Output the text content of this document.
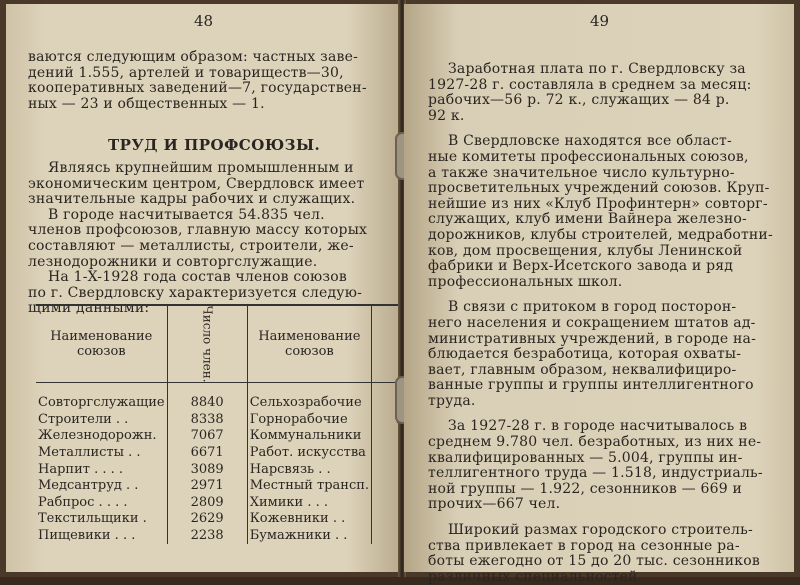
48

ваются следующим образом: частных заве-

дений 1.555, артелей и товариществ—30,

кооперативных заведений—7, государствен-

ных — 23 и общественных — 1.

ТРУД И ПРОФСОЮЗЫ.

Являясь крупнейшим промышленным и

экономическим центром, Свердловск имеет

значительные кадры рабочих и служащих.

В городе насчитывается 54.835 чел.

членов профсоюзов, главную массу которых

составляют — металлисты, строители, же-

лезнодорожники и совторгслужащие.

На 1-X-1928 года состав членов союзов

по г. Свердловску характеризуется следую-

щими данными:

Наименование союзов	Число член.	Наименование союзов	
Совторгслужащие	8840	Сельхозрабочие	
Строители . .	8338	Горнорабочие	
Железнодорожн.	7067	Коммунальники	
Металлисты . .	6671	Работ. искусства	
Нарпит . . . .	3089	Нарсвязь . .	
Медсантруд . .	2971	Местный трансп.	
Рабпрос . . . .	2809	Химики . . .	
Текстильщики .	2629	Кожевники . .	
Пищевики . . .	2238	Бумажники . .	
49

Заработная плата по г. Свердловску за

1927-28 г. составляла в среднем за месяц:

рабочих—56 р. 72 к., служащих — 84 р.

92 к.

В Свердловске находятся все област-

ные комитеты профессиональных союзов,

а также значительное число культурно-

просветительных учреждений союзов. Круп-

нейшие из них «Клуб Профинтерн» совторг-

служащих, клуб имени Вайнера железно-

дорожников, клубы строителей, медработни-

ков, дом просвещения, клубы Ленинской

фабрики и Верх-Исетского завода и ряд

профессиональных школ.

В связи с притоком в город посторон-

него населения и сокращением штатов ад-

министративных учреждений, в городе на-

блюдается безработица, которая охваты-

вает, главным образом, неквалифициро-

ванные группы и группы интеллигентного

труда.

За 1927-28 г. в городе насчитывалось в

среднем 9.780 чел. безработных, из них не-

квалифицированных — 5.004, группы ин-

теллигентного труда — 1.518, индустриаль-

ной группы — 1.922, сезонников — 669 и

прочих—667 чел.

Широкий размах городского строитель-

ства привлекает в город на сезонные ра-

боты ежегодно от 15 до 20 тыс. сезонников

различных специальностей.
